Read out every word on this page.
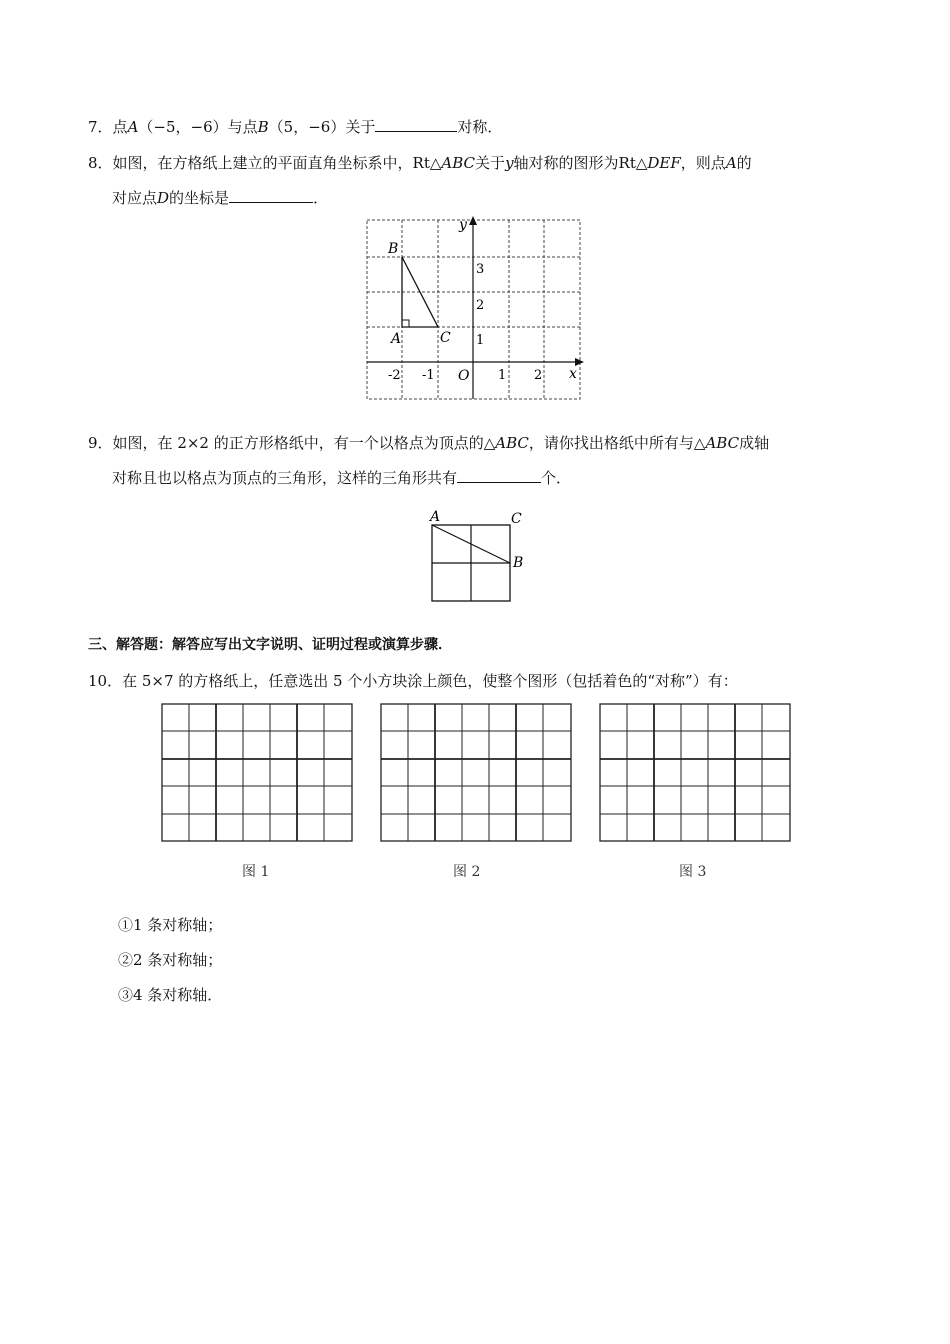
7．点A（−5，−6）与点B（5，−6）关于	对称．
8．如图，在方格纸上建立的平面直角坐标系中，Rt△ABC关于y轴对称的图形为Rt△DEF，则点A的
对应点D的坐标是	．
y
x
O
-2 -1	1 2
1
2
3
B
A	C
9．如图，在 2×2 的正方形格纸中，有一个以格点为顶点的△ABC，请你找出格纸中所有与△ABC成轴
对称且也以格点为顶点的三角形，这样的三角形共有	个．
A	C
B
三、解答题：解答应写出文字说明、证明过程或演算步骤．
10．在 5×7 的方格纸上，任意选出 5 个小方块涂上颜色，使整个图形（包括着色的“对称”）有：
图 1	图 2	图 3
①1 条对称轴；
②2 条对称轴；
③4 条对称轴．
